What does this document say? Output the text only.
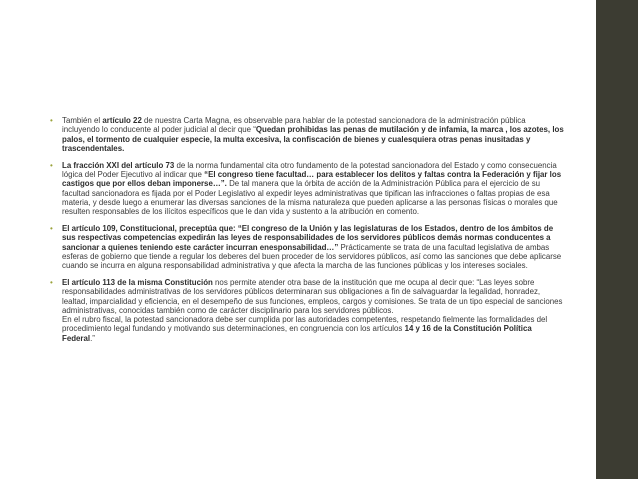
• También el artículo 22 de nuestra Carta Magna, es observable para hablar de la potestad sancionadora de la administración pública incluyendo lo conducente al poder judicial al decir que “Quedan prohibidas las penas de mutilación y de infamia, la marca , los azotes, los palos, el tormento de cualquier especie, la multa excesiva, la confiscación de bienes y cualesquiera otras penas inusitadas y trascendentales.

• La fracción XXI del artículo 73 de la norma fundamental cita otro fundamento de la potestad sancionadora del Estado y como consecuencia lógica del Poder Ejecutivo al indicar que “El congreso tiene facultad… para establecer los delitos y faltas contra la Federación y fijar los castigos que por ellos deban imponerse…”. De tal manera que la órbita de acción de la Administración Pública para el ejercicio de su facultad sancionadora es fijada por el Poder Legislativo al expedir leyes administrativas que tipifican las infracciones o faltas propias de esa materia, y desde luego a enumerar las diversas sanciones de la misma naturaleza que pueden aplicarse a las personas físicas o morales que resulten responsables de los ilícitos específicos que le dan vida y sustento a la atribución en comento.

• El artículo 109, Constitucional, preceptúa que: “El congreso de la Unión y las legislaturas de los Estados, dentro de los ámbitos de sus respectivas competencias expedirán las leyes de responsabilidades de los servidores públicos demás normas conducentes a sancionar a quienes teniendo este carácter incurran enesponsabilidad…” Prácticamente se trata de una facultad legislativa de ambas esferas de gobierno que tiende a regular los deberes del buen proceder de los servidores públicos, así como las sanciones que debe aplicarse cuando se incurra en alguna responsabilidad administrativa y que afecta la marcha de las funciones públicas y los intereses sociales.

• El artículo 113 de la misma Constitución nos permite atender otra base de la institución que me ocupa al decir que: “Las leyes sobre responsabilidades administrativas de los servidores públicos determinaran sus obligaciones a fin de salvaguardar la legalidad, honradez, lealtad, imparcialidad y eficiencia, en el desempeño de sus funciones, empleos, cargos y comisiones. Se trata de un tipo especial de sanciones administrativas, conocidas también como de carácter disciplinario para los servidores públicos.
En el rubro fiscal, la potestad sancionadora debe ser cumplida por las autoridades competentes, respetando fielmente las formalidades del procedimiento legal fundando y motivando sus determinaciones, en congruencia con los artículos 14 y 16 de la Constitución Política Federal.”
